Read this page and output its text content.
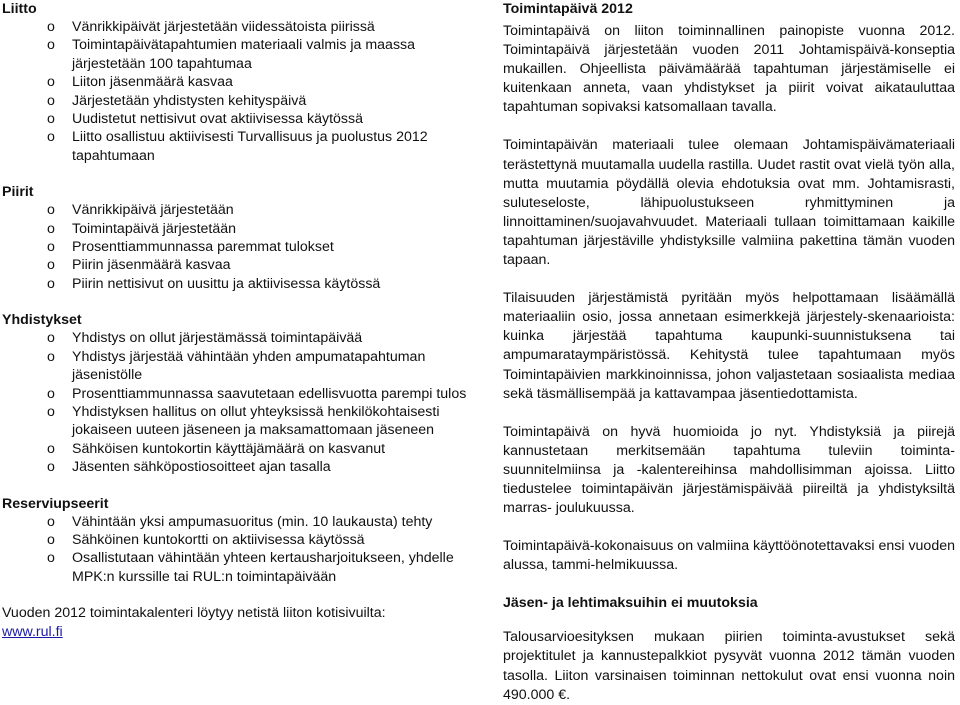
Liitto
o Vänrikkipäivät järjestetään viidessätoista piirissä
o Toimintapäivätapahtumien materiaali valmis ja maassa järjestetään 100 tapahtumaa
o Liiton jäsenmäärä kasvaa
o Järjestetään yhdistysten kehityspäivä
o Uudistetut nettisivut ovat aktiivisessa käytössä
o Liitto osallistuu aktiivisesti Turvallisuus ja puolustus 2012 tapahtumaan
Piirit
o Vänrikkipäivä järjestetään
o Toimintapäivä järjestetään
o Prosenttiammunnassa paremmat tulokset
o Piirin jäsenmäärä kasvaa
o Piirin nettisivut on uusittu ja aktiivisessa käytössä
Yhdistykset
o Yhdistys on ollut järjestämässä toimintapäivää
o Yhdistys järjestää vähintään yhden ampumatapahtuman jäsenistölle
o Prosenttiammunnassa saavutetaan edellisvuotta parempi tulos
o Yhdistyksen hallitus on ollut yhteyksissä henkilökohtaisesti jokaiseen uuteen jäseneen ja maksamattomaan jäseneen
o Sähköisen kuntokortin käyttäjämäärä on kasvanut
o Jäsenten sähköpostiosoitteet ajan tasalla
Reserviupseerit
o Vähintään yksi ampumasuoritus (min. 10 laukausta) tehty
o Sähköinen kuntokortti on aktiivisessa käytössä
o Osallistutaan vähintään yhteen kertausharjoitukseen, yhdelle MPK:n kurssille tai RUL:n toimintapäivään
Vuoden 2012 toimintakalenteri löytyy netistä liiton kotisivuilta:
www.rul.fi
Toimintapäivä 2012

Toimintapäivä on liiton toiminnallinen painopiste vuonna 2012. Toimintapäivä järjestetään vuoden 2011 Johtamispäivä-konseptia mukaillen. Ohjeellista päivämäärää tapahtuman järjestämiselle ei kuitenkaan anneta, vaan yhdistykset ja piirit voivat aikatauluttaa tapahtuman sopivaksi katsomallaan tavalla.

Toimintapäivän materiaali tulee olemaan Johtamispäivämateriaali terästettynä muutamalla uudella rastilla. Uudet rastit ovat vielä työn alla, mutta muutamia pöydällä olevia ehdotuksia ovat mm. Johtamisrasti, suluteseloste, lähipuolustukseen ryhmittyminen ja linnoittaminen/suojavahvuudet. Materiaali tullaan toimittamaan kaikille tapahtuman järjestäville yhdistyksille valmiina pakettina tämän vuoden tapaan.

Tilaisuuden järjestämistä pyritään myös helpottamaan lisäämällä materiaaliin osio, jossa annetaan esimerkkejä järjestely-skenaarioista: kuinka järjestää tapahtuma kaupunki-suunnistuksena tai ampumarataympäristössä. Kehitystä tulee tapahtumaan myös Toimintapäivien markkinoinnissa, johon valjastetaan sosiaalista mediaa sekä täsmällisempää ja kattavampaa jäsentiedottamista.

Toimintapäivä on hyvä huomioida jo nyt. Yhdistyksiä ja piirejä kannustetaan merkitsemään tapahtuma tuleviin toiminta-suunnitelmiinsa ja -kalentereihinsa mahdollisimman ajoissa. Liitto tiedustelee toimintapäivän järjestämispäivää piireiltä ja yhdistyksiltä marras- joulukuussa.

Toimintapäivä-kokonaisuus on valmiina käyttöönotettavaksi ensi vuoden alussa, tammi-helmikuussa.

Jäsen- ja lehtimaksuihin ei muutoksia

Talousarvioesityksen mukaan piirien toiminta-avustukset sekä projektitulet ja kannustepalkkiot pysyvät vuonna 2012 tämän vuoden tasolla. Liiton varsinaisen toiminnan nettokulut ovat ensi vuonna noin 490.000 €.
